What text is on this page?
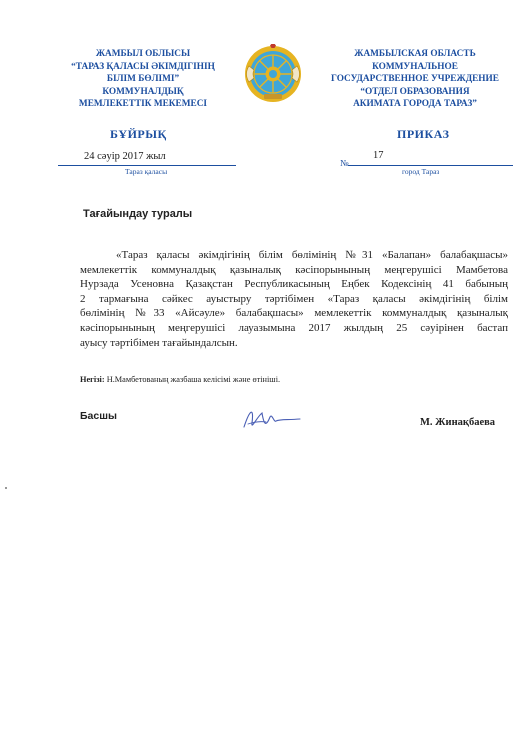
ЖАМБЫЛ ОБЛЫСЫ
“ТАРАЗ ҚАЛАСЫ ӘКІМДІГІНІҢ
БІЛІМ БӨЛІМІ”
КОММУНАЛДЫҚ
МЕМЛЕКЕТТІК МЕКЕМЕСІ
ЖАМБЫЛСКАЯ ОБЛАСТЬ
КОММУНАЛЬНОЕ
ГОСУДАРСТВЕННОЕ УЧРЕЖДЕНИЕ
“ОТДЕЛ ОБРАЗОВАНИЯ
АКИМАТА ГОРОДА ТАРАЗ”
БҰЙРЫҚ	ПРИКАЗ
24 сәуір 2017 жыл
Тараз қаласы
№
17
город Тараз
Тағайындау туралы
«Тараз қаласы әкімдігінің білім бөлімінің №31 «Балапан» балабақшасы»
мемлекеттік коммуналдық қазыналық кәсіпорынының меңгерушісі Мамбетова
Нурзада Усеновна Қазақстан Республикасының Еңбек Кодексінің 41 бабының
2 тармағына сәйкес ауыстыру тәртібімен «Тараз қаласы әкімдігінің білім
бөлімінің №33 «Айсәуле» балабақшасы» мемлекеттік коммуналдық қазыналық
кәсіпорынының меңгерушісі лауазымына 2017 жылдың 25 сәуірінен бастап
ауысу тәртібімен тағайындалсын.
Негізі: Н.Мамбетованың жазбаша келісімі және өтініші.
Басшы
М. Жинақбаева
